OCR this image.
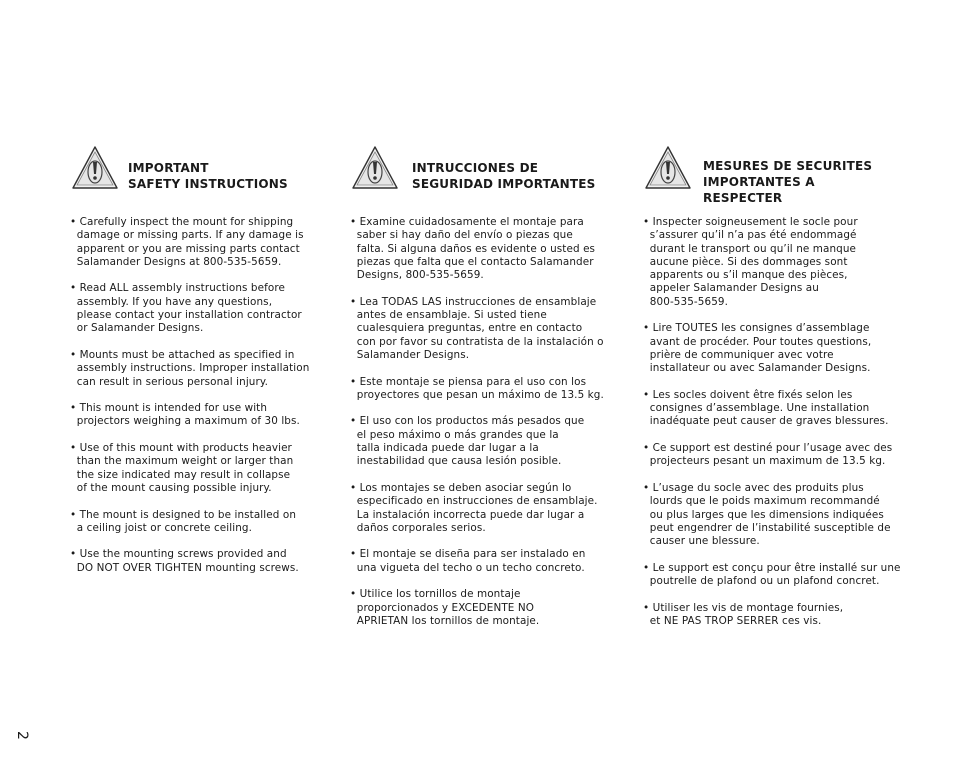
IMPORTANT
SAFETY INSTRUCTIONS
• Carefully inspect the mount for shipping
damage or missing parts. If any damage is
apparent or you are missing parts contact
Salamander Designs at 800-535-5659.
• Read ALL assembly instructions before
assembly. If you have any questions,
please contact your installation contractor
or Salamander Designs.
• Mounts must be attached as specified in
assembly instructions. Improper installation
can result in serious personal injury.
• This mount is intended for use with
projectors weighing a maximum of 30 lbs.
• Use of this mount with products heavier
than the maximum weight or larger than
the size indicated may result in collapse
of the mount causing possible injury.
• The mount is designed to be installed on
a ceiling joist or concrete ceiling.
• Use the mounting screws provided and
DO NOT OVER TIGHTEN mounting screws.
INTRUCCIONES DE
SEGURIDAD IMPORTANTES
• Examine cuidadosamente el montaje para
saber si hay daño del envío o piezas que
falta. Si alguna daños es evidente o usted es
piezas que falta que el contacto Salamander
Designs, 800-535-5659.
• Lea TODAS LAS instrucciones de ensamblaje
antes de ensamblaje. Si usted tiene
cualesquiera preguntas, entre en contacto
con por favor su contratista de la instalación o
Salamander Designs.
• Este montaje se piensa para el uso con los
proyectores que pesan un máximo de 13.5 kg.
• El uso con los productos más pesados que
el peso máximo o más grandes que la
talla indicada puede dar lugar a la
inestabilidad que causa lesión posible.
• Los montajes se deben asociar según lo
especificado en instrucciones de ensamblaje.
La instalación incorrecta puede dar lugar a
daños corporales serios.
• El montaje se diseña para ser instalado en
una vigueta del techo o un techo concreto.
• Utilice los tornillos de montaje
proporcionados y EXCEDENTE NO
APRIETAN los tornillos de montaje.
MESURES DE SECURITES
IMPORTANTES A RESPECTER
• Inspecter soigneusement le socle pour
s’assurer qu’il n’a pas été endommagé
durant le transport ou qu’il ne manque
aucune pièce. Si des dommages sont
apparents ou s’il manque des pièces,
appeler Salamander Designs au
800-535-5659.
• Lire TOUTES les consignes d’assemblage
avant de procéder. Pour toutes questions,
prière de communiquer avec votre
installateur ou avec Salamander Designs.
• Les socles doivent être fixés selon les
consignes d’assemblage. Une installation
inadéquate peut causer de graves blessures.
• Ce support est destiné pour l’usage avec des
projecteurs pesant un maximum de 13.5 kg.
• L’usage du socle avec des produits plus
lourds que le poids maximum recommandé
ou plus larges que les dimensions indiquées
peut engendrer de l’instabilité susceptible de
causer une blessure.
• Le support est conçu pour être installé sur une
poutrelle de plafond ou un plafond concret.
• Utiliser les vis de montage fournies,
et NE PAS TROP SERRER ces vis.
2
